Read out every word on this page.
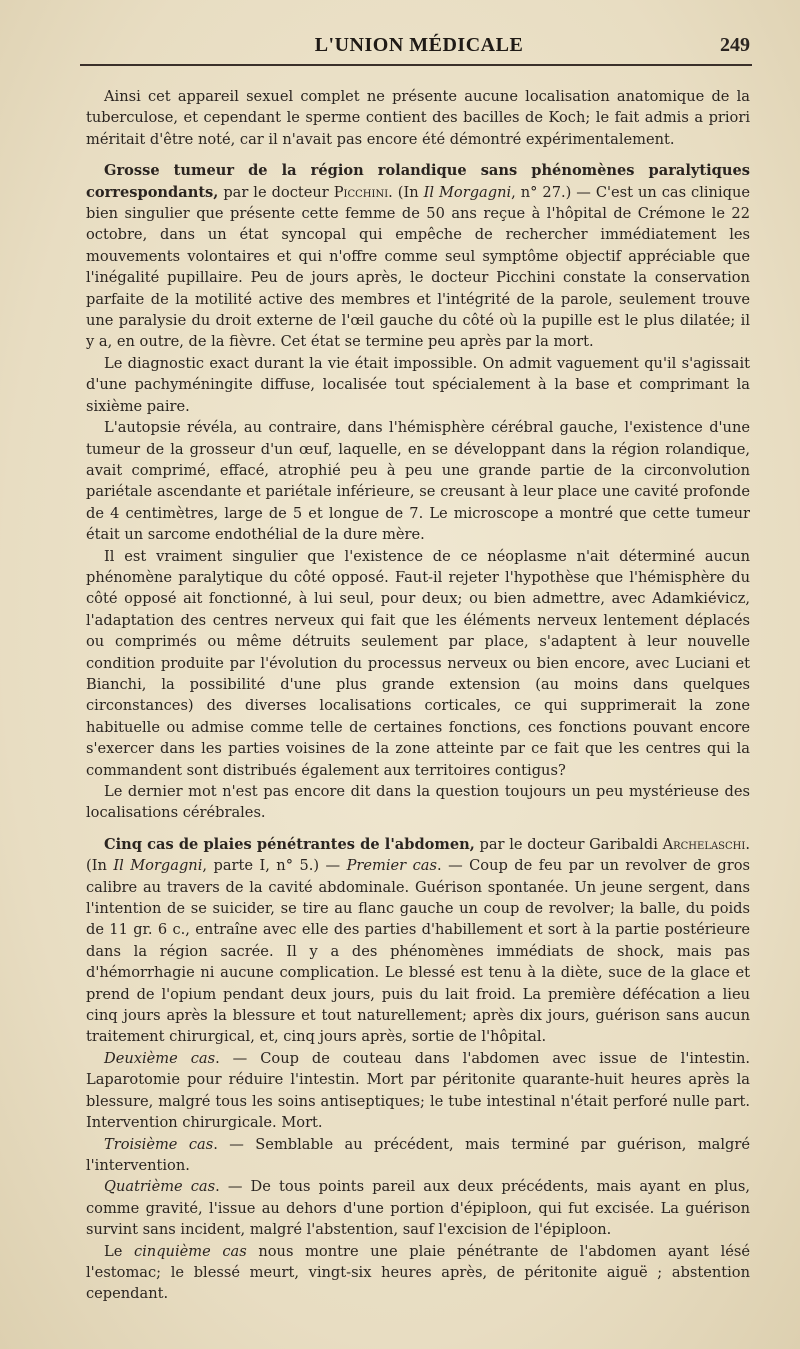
L'UNION MÉDICALE	249

Ainsi cet appareil sexuel complet ne présente aucune localisation anatomique de la tuberculose, et cependant le sperme contient des bacilles de Koch; le fait admis a priori méritait d'être noté, car il n'avait pas encore été démontré expérimentalement.

Grosse tumeur de la région rolandique sans phénomènes paralytiques correspondants, par le docteur Picchini. (In Il Morgagni, n° 27.) — C'est un cas clinique bien singulier que présente cette femme de 50 ans reçue à l'hôpital de Crémone le 22 octobre, dans un état syncopal qui empêche de rechercher immédiatement les mouvements volontaires et qui n'offre comme seul symptôme objectif appréciable que l'inégalité pupillaire. Peu de jours après, le docteur Picchini constate la conservation parfaite de la motilité active des membres et l'intégrité de la parole, seulement trouve une paralysie du droit externe de l'œil gauche du côté où la pupille est le plus dilatée; il y a, en outre, de la fièvre. Cet état se termine peu après par la mort.

Le diagnostic exact durant la vie était impossible. On admit vaguement qu'il s'agissait d'une pachyméningite diffuse, localisée tout spécialement à la base et comprimant la sixième paire.

L'autopsie révéla, au contraire, dans l'hémisphère cérébral gauche, l'existence d'une tumeur de la grosseur d'un œuf, laquelle, en se développant dans la région rolandique, avait comprimé, effacé, atrophié peu à peu une grande partie de la circonvolution pariétale ascendante et pariétale inférieure, se creusant à leur place une cavité profonde de 4 centimètres, large de 5 et longue de 7. Le microscope a montré que cette tumeur était un sarcome endothélial de la dure mère.

Il est vraiment singulier que l'existence de ce néoplasme n'ait déterminé aucun phénomène paralytique du côté opposé. Faut-il rejeter l'hypothèse que l'hémisphère du côté opposé ait fonctionné, à lui seul, pour deux; ou bien admettre, avec Adamkiévicz, l'adaptation des centres nerveux qui fait que les éléments nerveux lentement déplacés ou comprimés ou même détruits seulement par place, s'adaptent à leur nouvelle condition produite par l'évolution du processus nerveux ou bien encore, avec Luciani et Bianchi, la possibilité d'une plus grande extension (au moins dans quelques circonstances) des diverses localisations corticales, ce qui supprimerait la zone habituelle ou admise comme telle de certaines fonctions, ces fonctions pouvant encore s'exercer dans les parties voisines de la zone atteinte par ce fait que les centres qui la commandent sont distribués également aux territoires contigus?

Le dernier mot n'est pas encore dit dans la question toujours un peu mystérieuse des localisations cérébrales.

Cinq cas de plaies pénétrantes de l'abdomen, par le docteur Garibaldi Archelaschi. (In Il Morgagni, parte I, n° 5.) — Premier cas. — Coup de feu par un revolver de gros calibre au travers de la cavité abdominale. Guérison spontanée. Un jeune sergent, dans l'intention de se suicider, se tire au flanc gauche un coup de revolver; la balle, du poids de 11 gr. 6 c., entraîne avec elle des parties d'habillement et sort à la partie postérieure dans la région sacrée. Il y a des phénomènes immédiats de shock, mais pas d'hémorrhagie ni aucune complication. Le blessé est tenu à la diète, suce de la glace et prend de l'opium pendant deux jours, puis du lait froid. La première défécation a lieu cinq jours après la blessure et tout naturellement; après dix jours, guérison sans aucun traitement chirurgical, et, cinq jours après, sortie de l'hôpital.

Deuxième cas. — Coup de couteau dans l'abdomen avec issue de l'intestin. Laparotomie pour réduire l'intestin. Mort par péritonite quarante-huit heures après la blessure, malgré tous les soins antiseptiques; le tube intestinal n'était perforé nulle part. Intervention chirurgicale. Mort.

Troisième cas. — Semblable au précédent, mais terminé par guérison, malgré l'intervention.

Quatrième cas. — De tous points pareil aux deux précédents, mais ayant en plus, comme gravité, l'issue au dehors d'une portion d'épiploon, qui fut excisée. La guérison survint sans incident, malgré l'abstention, sauf l'excision de l'épiploon.

Le cinquième cas nous montre une plaie pénétrante de l'abdomen ayant lésé l'estomac; le blessé meurt, vingt-six heures après, de péritonite aiguë ; abstention cependant.
